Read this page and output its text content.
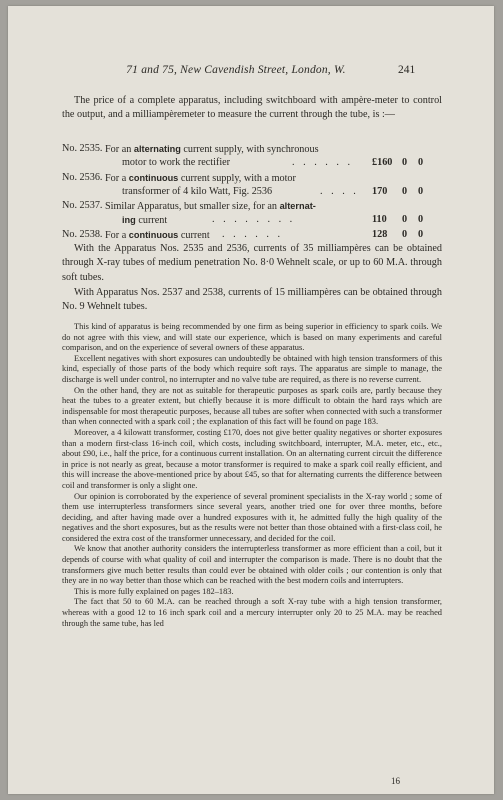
71 and 75, New Cavendish Street, London, W.	241

The price of a complete apparatus, including switchboard with ampère-meter to control the output, and a milliampèremeter to measure the current through the tube, is :—

No. 2535. For an alternating current supply, with synchronous
motor to work the rectifier	. . . . . . £160 0 0
No. 2536. For a continuous current supply, with a motor
transformer of 4 kilo Watt, Fig. 2536	. . . . 170 0 0
No. 2537. Similar Apparatus, but smaller size, for an alternat-
ing current	. . . . . . . .	110 0 0
No. 2538. For a continuous current	. . . . . .	128 0 0

With the Apparatus Nos. 2535 and 2536, currents of 35 milliampères can be obtained through X-ray tubes of medium penetration No. 8·0 Wehnelt scale, or up to 60 M.A. through soft tubes.

With Apparatus Nos. 2537 and 2538, currents of 15 milliampères can be obtained through No. 9 Wehnelt tubes.

This kind of apparatus is being recommended by one firm as being superior in efficiency to spark coils. We do not agree with this view, and will state our experience, which is based on many experiments and careful comparison, and on the experience of several owners of these apparatus.

Excellent negatives with short exposures can undoubtedly be obtained with high tension transformers of this kind, especially of those parts of the body which require soft rays. The apparatus are simple to manage, the discharge is well under control, no interrupter and no valve tube are required, as there is no reverse current.

On the other hand, they are not as suitable for therapeutic purposes as spark coils are, partly because they heat the tubes to a greater extent, but chiefly because it is more difficult to obtain the hard rays which are indispensable for most therapeutic purposes, because all tubes are softer when connected with such a transformer than when connected with a spark coil ; the explanation of this fact will be found on page 183.

Moreover, a 4 kilowatt transformer, costing £170, does not give better quality negatives or shorter exposures than a modern first-class 16-inch coil, which costs, including switchboard, interrupter, M.A. meter, etc., etc., about £90, i.e., half the price, for a continuous current installation. On an alternating current circuit the difference in price is not nearly as great, because a motor transformer is required to make a spark coil really efficient, and this will increase the above-mentioned price by about £45, so that for alternating currents the difference between coil and transformer is only a slight one.

Our opinion is corroborated by the experience of several prominent specialists in the X-ray world ; some of them use interrupterless transformers since several years, another tried one for over three months, before deciding, and after having made over a hundred exposures with it, he admitted fully the high quality of the negatives and the short exposures, but as the results were not better than those obtained with a first-class coil, he considered the extra cost of the transformer unnecessary, and decided for the coil.

We know that another authority considers the interrupterless transformer as more efficient than a coil, but it depends of course with what quality of coil and interrupter the comparison is made. There is no doubt that the transformers give much better results than could ever be obtained with older coils ; our contention is only that they are in no way better than those which can be reached with the best modern coils and interrupters.

This is more fully explained on pages 182–183.

The fact that 50 to 60 M.A. can be reached through a soft X-ray tube with a high tension transformer, whereas with a good 12 to 16 inch spark coil and a mercury interrupter only 20 to 25 M.A. may be reached through the same tube, has led

16
